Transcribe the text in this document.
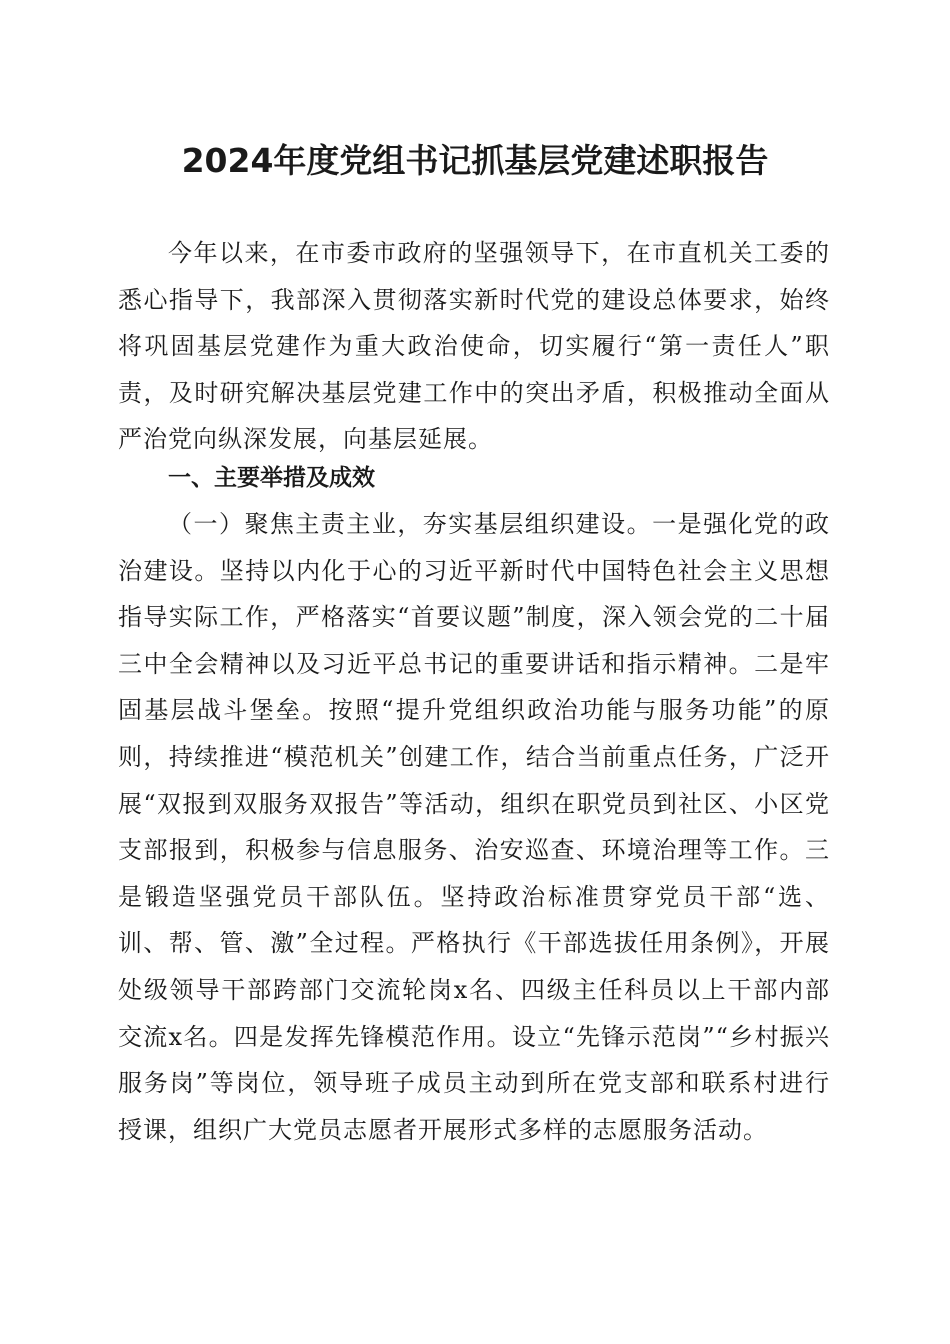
2024年度党组书记抓基层党建述职报告

今年以来，在市委市政府的坚强领导下，在市直机关工委的悉心指导下，我部深入贯彻落实新时代党的建设总体要求，始终将巩固基层党建作为重大政治使命，切实履行“第一责任人”职责，及时研究解决基层党建工作中的突出矛盾，积极推动全面从严治党向纵深发展，向基层延展。

一、主要举措及成效

（一）聚焦主责主业，夯实基层组织建设。一是强化党的政治建设。坚持以内化于心的习近平新时代中国特色社会主义思想指导实际工作，严格落实“首要议题”制度，深入领会党的二十届三中全会精神以及习近平总书记的重要讲话和指示精神。二是牢固基层战斗堡垒。按照“提升党组织政治功能与服务功能”的原则，持续推进“模范机关”创建工作，结合当前重点任务，广泛开展“双报到双服务双报告”等活动，组织在职党员到社区、小区党支部报到，积极参与信息服务、治安巡查、环境治理等工作。三是锻造坚强党员干部队伍。坚持政治标准贯穿党员干部“选、训、帮、管、激”全过程。严格执行《干部选拔任用条例》，开展处级领导干部跨部门交流轮岗x名、四级主任科员以上干部内部交流x名。四是发挥先锋模范作用。设立“先锋示范岗”“乡村振兴服务岗”等岗位，领导班子成员主动到所在党支部和联系村进行授课，组织广大党员志愿者开展形式多样的志愿服务活动。
